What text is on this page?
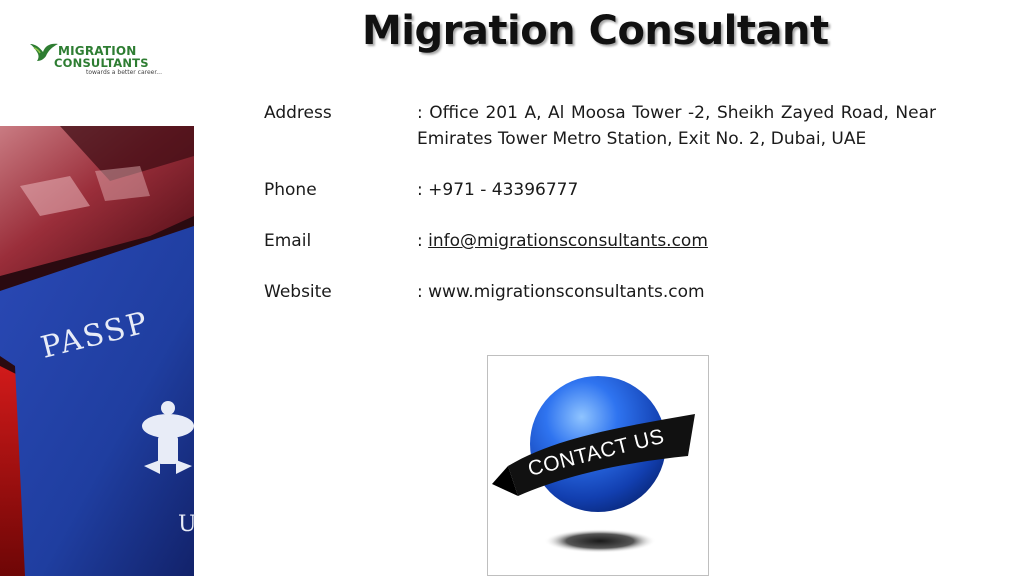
MIGRATION
CONSULTANTS
towards a better career...
Migration Consultant
PASSP
U
Address	: Office 201 A, Al Moosa Tower -2, Sheikh Zayed Road, Near Emirates Tower Metro Station, Exit No. 2, Dubai, UAE
Phone	: +971 - 43396777
Email	: info@migrationsconsultants.com
Website	: www.migrationsconsultants.com
CONTACT US
